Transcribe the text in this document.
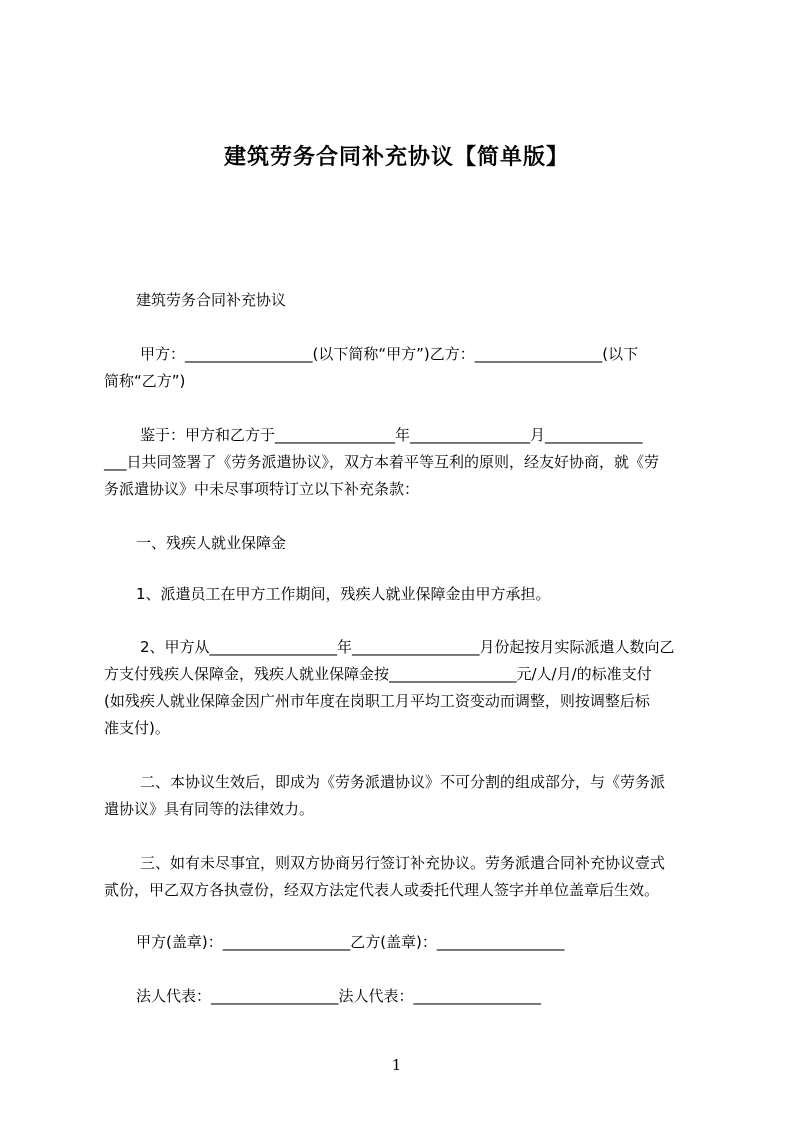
建筑劳务合同补充协议【简单版】
建筑劳务合同补充协议
甲方：_________________(以下简称“甲方”)乙方：_________________(以下
简称“乙方”)
鉴于：甲方和乙方于________________年________________月_____________
___日共同签署了《劳务派遣协议》，双方本着平等互利的原则，经友好协商，就《劳
务派遣协议》中未尽事项特订立以下补充条款：
一、残疾人就业保障金
1、派遣员工在甲方工作期间，残疾人就业保障金由甲方承担。
2、甲方从_________________年_________________月份起按月实际派遣人数向乙
方支付残疾人保障金，残疾人就业保障金按_________________元/人/月/的标准支付
(如残疾人就业保障金因广州市年度在岗职工月平均工资变动而调整，则按调整后标
准支付)。
二、本协议生效后，即成为《劳务派遣协议》不可分割的组成部分，与《劳务派
遣协议》具有同等的法律效力。
三、如有未尽事宜，则双方协商另行签订补充协议。劳务派遣合同补充协议壹式
贰份，甲乙双方各执壹份，经双方法定代表人或委托代理人签字并单位盖章后生效。
甲方(盖章)：_________________乙方(盖章)：_________________
法人代表：_________________法人代表：_________________
1
